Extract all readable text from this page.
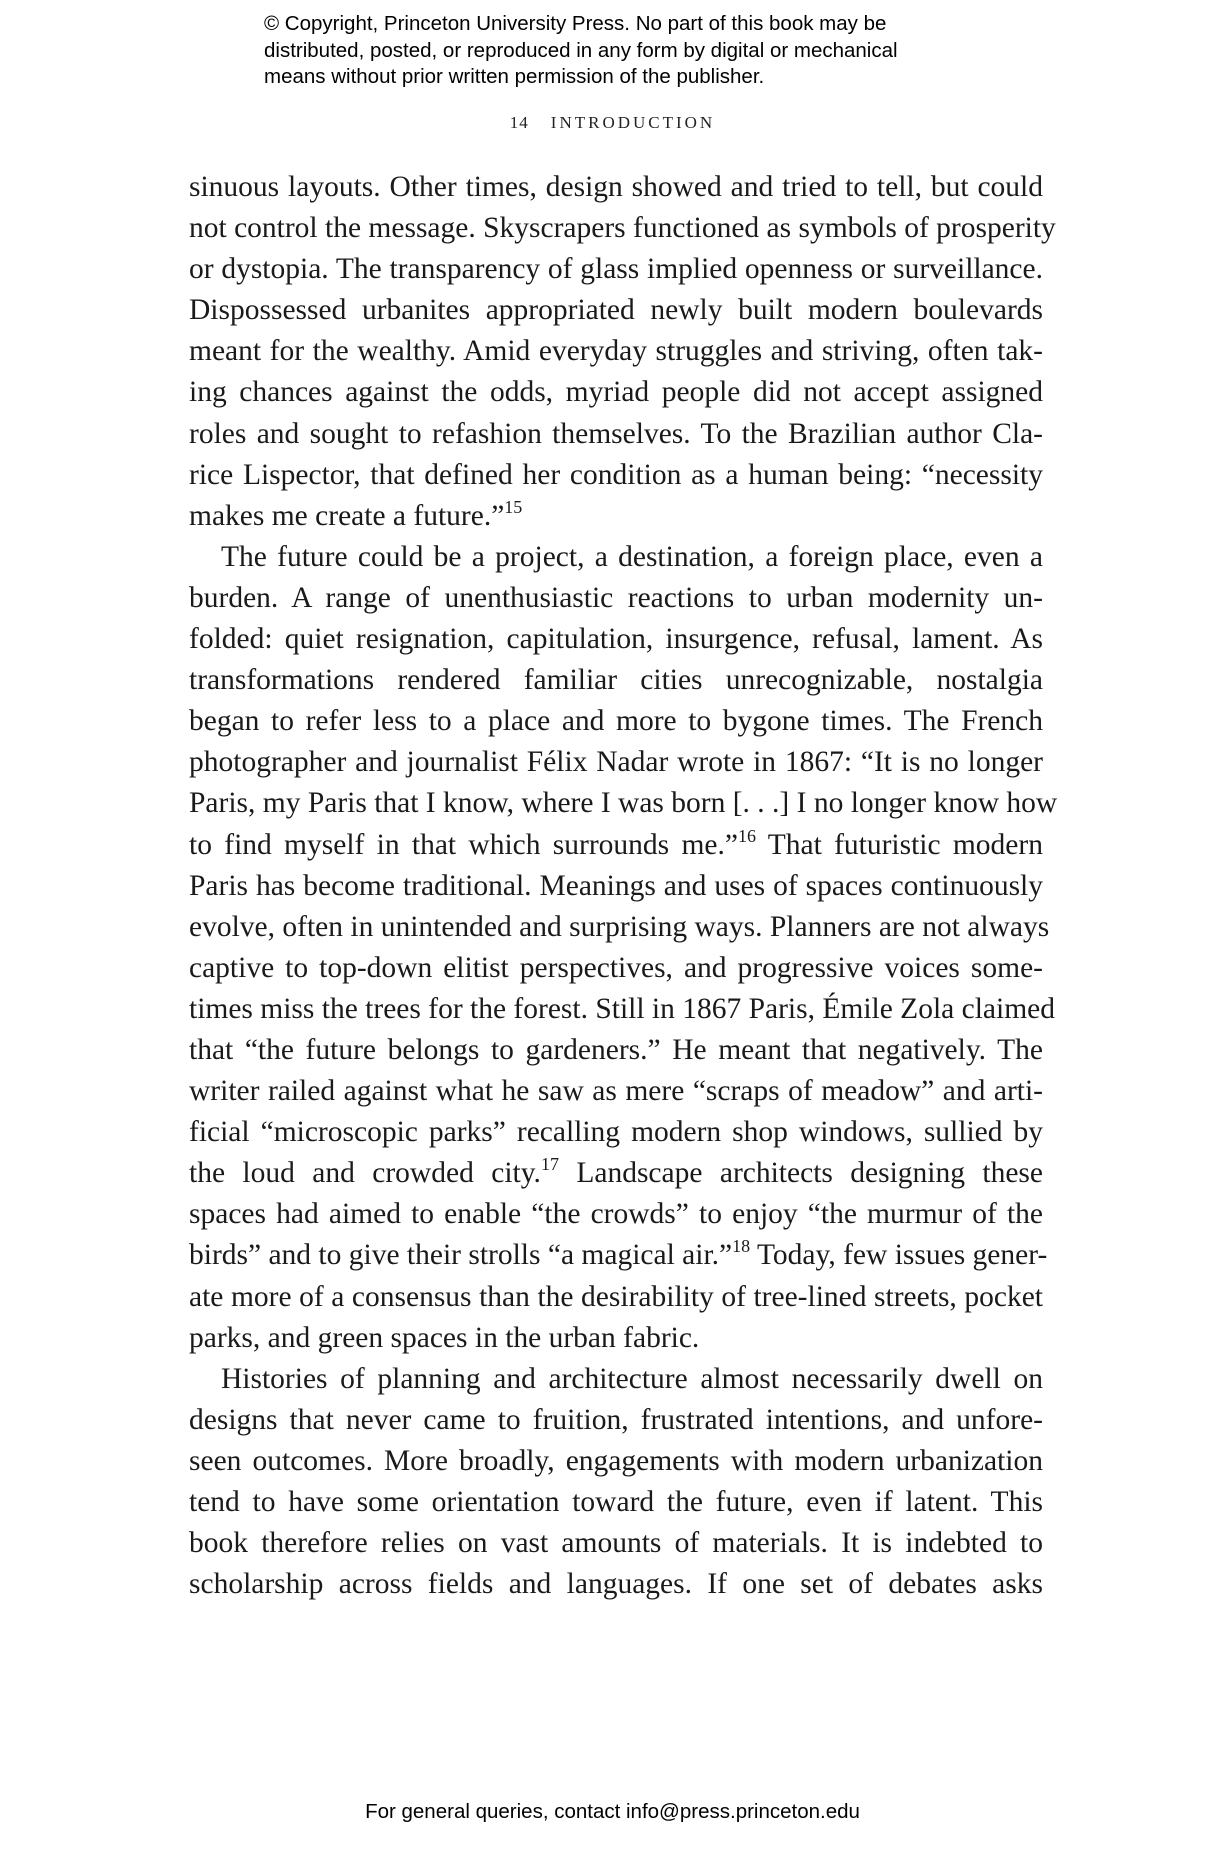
© Copyright, Princeton University Press. No part of this book may be
distributed, posted, or reproduced in any form by digital or mechanical
means without prior written permission of the publisher.
14 INTRODUCTION
sinuous layouts. Other times, design showed and tried to tell, but could
not control the message. Skyscrapers functioned as symbols of prosperity
or dystopia. The transparency of glass implied openness or surveillance.
Dispossessed urbanites appropriated newly built modern boulevards
meant for the wealthy. Amid everyday struggles and striving, often tak-
ing chances against the odds, myriad people did not accept assigned
roles and sought to refashion themselves. To the Brazilian author Cla-
rice Lispector, that defined her condition as a human being: “necessity
makes me create a future.”$^{15}$
The future could be a project, a destination, a foreign place, even a
burden. A range of unenthusiastic reactions to urban modernity un-
folded: quiet resignation, capitulation, insurgence, refusal, lament. As
transformations rendered familiar cities unrecognizable, nostalgia
began to refer less to a place and more to bygone times. The French
photographer and journalist Félix Nadar wrote in 1867: “It is no longer
Paris, my Paris that I know, where I was born [. . .] I no longer know how
to find myself in that which surrounds me.”$^{16}$ That futuristic modern
Paris has become traditional. Meanings and uses of spaces continuously
evolve, often in unintended and surprising ways. Planners are not always
captive to top-down elitist perspectives, and progressive voices some-
times miss the trees for the forest. Still in 1867 Paris, Émile Zola claimed
that “the future belongs to gardeners.” He meant that negatively. The
writer railed against what he saw as mere “scraps of meadow” and arti-
ficial “microscopic parks” recalling modern shop windows, sullied by
the loud and crowded city.$^{17}$ Landscape architects designing these
spaces had aimed to enable “the crowds” to enjoy “the murmur of the
birds” and to give their strolls “a magical air.”$^{18}$ Today, few issues gener-
ate more of a consensus than the desirability of tree-lined streets, pocket
parks, and green spaces in the urban fabric.
Histories of planning and architecture almost necessarily dwell on
designs that never came to fruition, frustrated intentions, and unfore-
seen outcomes. More broadly, engagements with modern urbanization
tend to have some orientation toward the future, even if latent. This
book therefore relies on vast amounts of materials. It is indebted to
scholarship across fields and languages. If one set of debates asks
For general queries, contact info@press.princeton.edu
